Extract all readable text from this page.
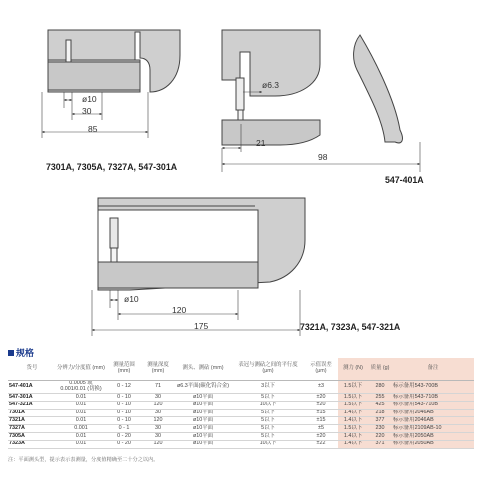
ø10
30
85
7301A, 7305A, 7327A, 547-301A
ø6.3
21
98
547-401A
ø10
120
175	7321A, 7323A, 547-321A
规格
货号	分辨力/分度值 (mm)	测量范围 (mm)	测量深度 (mm)	测头、测砧 (mm)	表冠与测砧之间的平行度 (μm)	示值误差 (μm)	测力 (N)	质量 (g)	备注
547-401A	0.0005 或 0.001/0.01 (切换)	0 - 12	71	ø6.3平面(碳化钨合金)	3以下	±3	1.5以下	280	标示备用543-700B
547-301A	0.01	0 - 10	30	ø10平面	5以下	±20	1.5以下	255	标示备用543-710B
547-321A	0.01	0 - 10	120	ø10平面	10以下	±20	1.5以下	425	标示备用543-710B
7301A	0.01	0 - 10	30	ø10平面	5以下	±15	1.4以下	218	标示备用2046AB
7321A	0.01	0 - 10	120	ø10平面	5以下	±15	1.4以下	377	标示备用2046AB
7327A	0.001	0 - 1	30	ø10平面	5以下	±5	1.5以下	230	标示备用2109AB-10
7305A	0.01	0 - 20	30	ø10平面	5以下	±20	1.4以下	220	标示备用2050AB
7323A	0.01	0 - 20	120	ø10平面	10以下	±22	1.4以下	371	标示备用2050AB
注：平面测头型，提示表示表测量，分度值精确至二十分之以内。
